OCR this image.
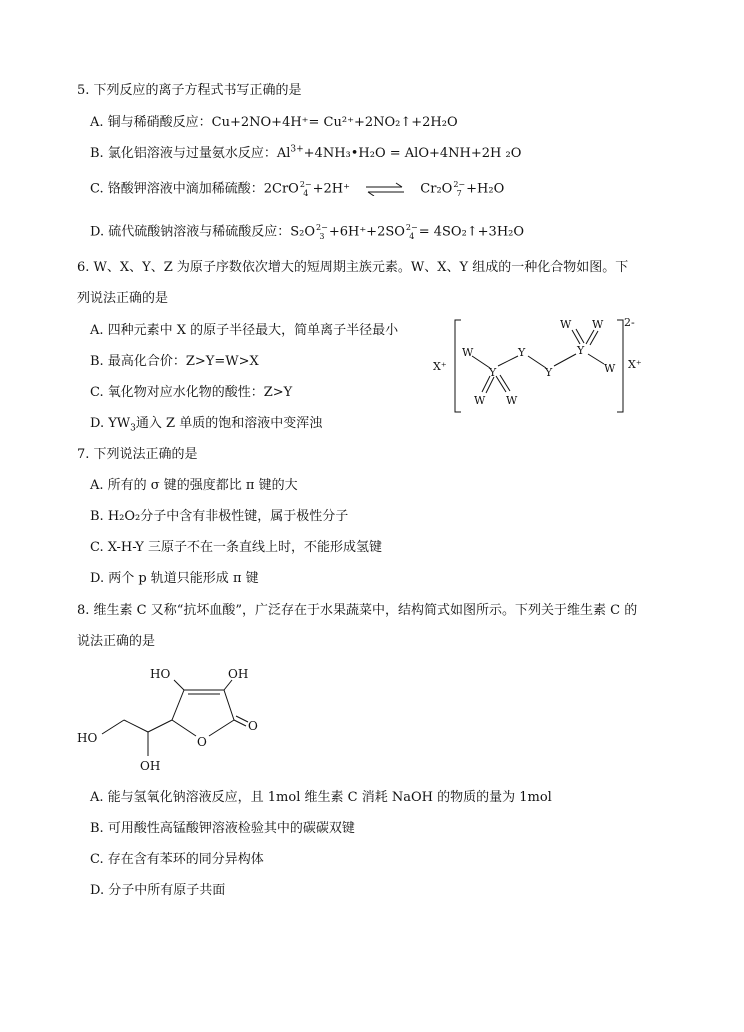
5. 下列反应的离子方程式书写正确的是
A. 铜与稀硝酸反应：Cu+2NO+4H⁺= Cu²⁺+2NO₂↑+2H₂O
B. 氯化铝溶液与过量氨水反应：$Al^{3+}+4NH_3•H_2O = AlO+4NH+2H$ ₂O
C. 铬酸钾溶液中滴加稀硫酸：2CrO 2−
4 +2H⁺ ⇌ Cr₂O 2−
7 +H₂O
D. 硫代硫酸钠溶液与稀硫酸反应：S₂O 2−
3 +6H⁺+2SO 2−
4 = 4SO₂↑+3H₂O
6. W、X、Y、Z 为原子序数依次增大的短周期主族元素。W、X、Y 组成的一种化合物如图。下
列说法正确的是
A. 四种元素中 X 的原子半径最大，简单离子半径最小
B. 最高化合价：Z>Y=W>X
C. 氧化物对应水化物的酸性：Z>Y
D. $YW_3$通入 Z 单质的饱和溶液中变浑浊
2-
X⁺	X⁺
W
Y
Y
Y
Y
W
W W
W W
7. 下列说法正确的是
A. 所有的 σ 键的强度都比 π 键的大
B. H₂O₂分子中含有非极性键，属于极性分子
C. X-H-Y 三原子不在一条直线上时，不能形成氢键
D. 两个 p 轨道只能形成 π 键
8. 维生素 C 又称“抗坏血酸”，广泛存在于水果蔬菜中，结构简式如图所示。下列关于维生素 C 的
说法正确的是
HO	OH
HO
OH
O
O
A. 能与氢氧化钠溶液反应，且 1mol 维生素 C 消耗 NaOH 的物质的量为 1mol
B. 可用酸性高锰酸钾溶液检验其中的碳碳双键
C. 存在含有苯环的同分异构体
D. 分子中所有原子共面
